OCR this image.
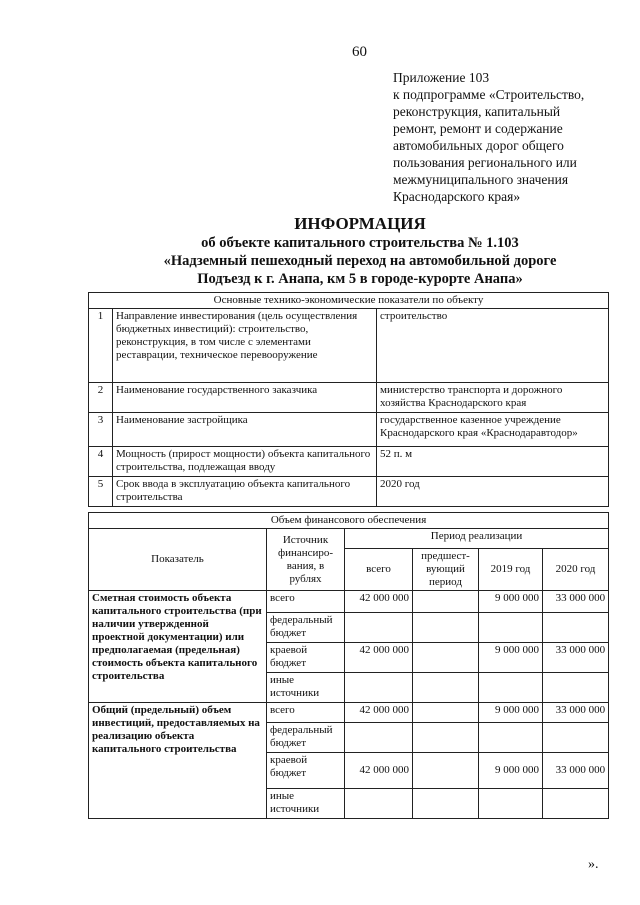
60
Приложение 103
к подпрограмме «Строительство,
реконструкция, капитальный
ремонт, ремонт и содержание
автомобильных дорог общего
пользования регионального или
межмуниципального значения
Краснодарского края»
ИНФОРМАЦИЯ
об объекте капитального строительства № 1.103
«Надземный пешеходный переход на автомобильной дороге
Подъезд к г. Анапа, км 5 в городе-курорте Анапа»
Основные технико-экономические показатели по объекту		
1	Направление инвестирования (цель осуществления бюджетных инвестиций): строительство, реконструкция, в том числе с элементами реставрации, техническое перевооружение	строительство
2	Наименование государственного заказчика	министерство транспорта и дорожного хозяйства Краснодарского края
3	Наименование застройщика	государственное казенное учреждение Краснодарского края «Краснодаравтодор»
4	Мощность (прирост мощности) объекта капитального строительства, подлежащая вводу	52 п. м
5	Срок ввода в эксплуатацию объекта капитального строительства	2020 год
Объем финансового обеспечения					
Показатель	Источник финансиро-вания, в рублях	Период реализации			
		всего	предшест-вующий период	2019 год	2020 год
Сметная стоимость объекта капитального строительства (при наличии утвержденной проектной документации) или предполагаемая (предельная) стоимость объекта капитального строительства	всего	42 000 000		9 000 000	33 000 000
	федеральный бюджет				
	краевой бюджет	42 000 000		9 000 000	33 000 000
	иные источники				
Общий (предельный) объем инвестиций, предоставляемых на реализацию объекта капитального строительства	всего	42 000 000		9 000 000	33 000 000
	федеральный бюджет				
	краевой бюджет	42 000 000		9 000 000	33 000 000
	иные источники				
».
